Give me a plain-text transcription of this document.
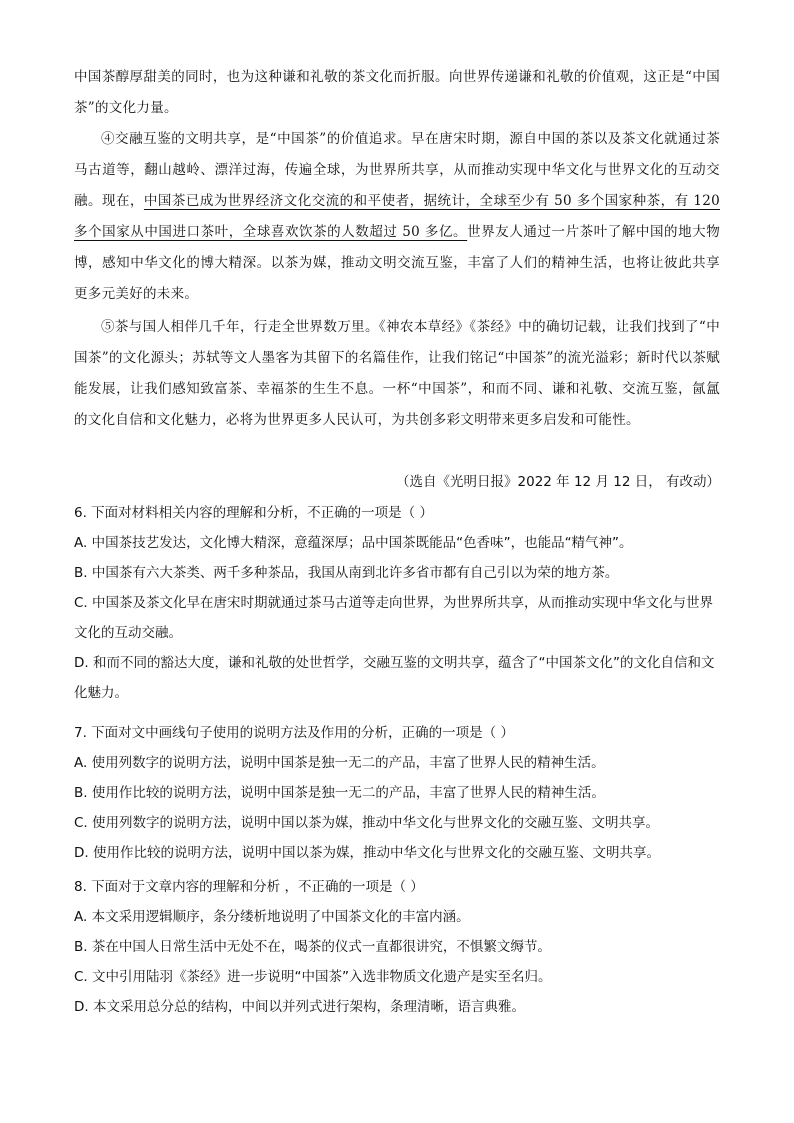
中国茶醇厚甜美的同时，也为这种谦和礼敬的茶文化而折服。向世界传递谦和礼敬的价值观，这正是“中国茶”的文化力量。
④交融互鉴的文明共享，是“中国茶”的价值追求。早在唐宋时期，源自中国的茶以及茶文化就通过茶马古道等，翻山越岭、漂洋过海，传遍全球，为世界所共享，从而推动实现中华文化与世界文化的互动交融。现在，中国茶已成为世界经济文化交流的和平使者，据统计，全球至少有 50 多个国家种茶，有 120 多个国家从中国进口茶叶，全球喜欢饮茶的人数超过 50 多亿。世界友人通过一片茶叶了解中国的地大物博，感知中华文化的博大精深。以茶为媒，推动文明交流互鉴，丰富了人们的精神生活，也将让彼此共享更多元美好的未来。
⑤茶与国人相伴几千年，行走全世界数万里。《神农本草经》《茶经》中的确切记载，让我们找到了“中国茶”的文化源头；苏轼等文人墨客为其留下的名篇佳作，让我们铭记“中国茶”的流光溢彩；新时代以茶赋能发展，让我们感知致富茶、幸福茶的生生不息。一杯“中国茶”，和而不同、谦和礼敬、交流互鉴，氤氲的文化自信和文化魅力，必将为世界更多人民认可，为共创多彩文明带来更多启发和可能性。
（选自《光明日报》2022 年 12 月 12 日， 有改动）
6. 下面对材料相关内容的理解和分析，不正确的一项是（ ）
A. 中国茶技艺发达，文化博大精深，意蕴深厚；品中国茶既能品“色香味”，也能品“精气神”。
B. 中国茶有六大茶类、两千多种茶品，我国从南到北许多省市都有自己引以为荣的地方茶。
C. 中国茶及茶文化早在唐宋时期就通过茶马古道等走向世界，为世界所共享，从而推动实现中华文化与世界文化的互动交融。
D. 和而不同的豁达大度，谦和礼敬的处世哲学，交融互鉴的文明共享，蕴含了“中国茶文化”的文化自信和文化魅力。
7. 下面对文中画线句子使用的说明方法及作用的分析，正确的一项是（ ）
A. 使用列数字的说明方法，说明中国茶是独一无二的产品，丰富了世界人民的精神生活。
B. 使用作比较的说明方法，说明中国茶是独一无二的产品，丰富了世界人民的精神生活。
C. 使用列数字的说明方法，说明中国以茶为媒，推动中华文化与世界文化的交融互鉴、文明共享。
D. 使用作比较的说明方法，说明中国以茶为媒，推动中华文化与世界文化的交融互鉴、文明共享。
8. 下面对于文章内容的理解和分析 ，不正确的一项是（ ）
A. 本文采用逻辑顺序，条分缕析地说明了中国茶文化的丰富内涵。
B. 茶在中国人日常生活中无处不在，喝茶的仪式一直都很讲究，不惧繁文缛节。
C. 文中引用陆羽《茶经》进一步说明“中国茶”入选非物质文化遗产是实至名归。
D. 本文采用总分总的结构，中间以并列式进行架构，条理清晰，语言典雅。
